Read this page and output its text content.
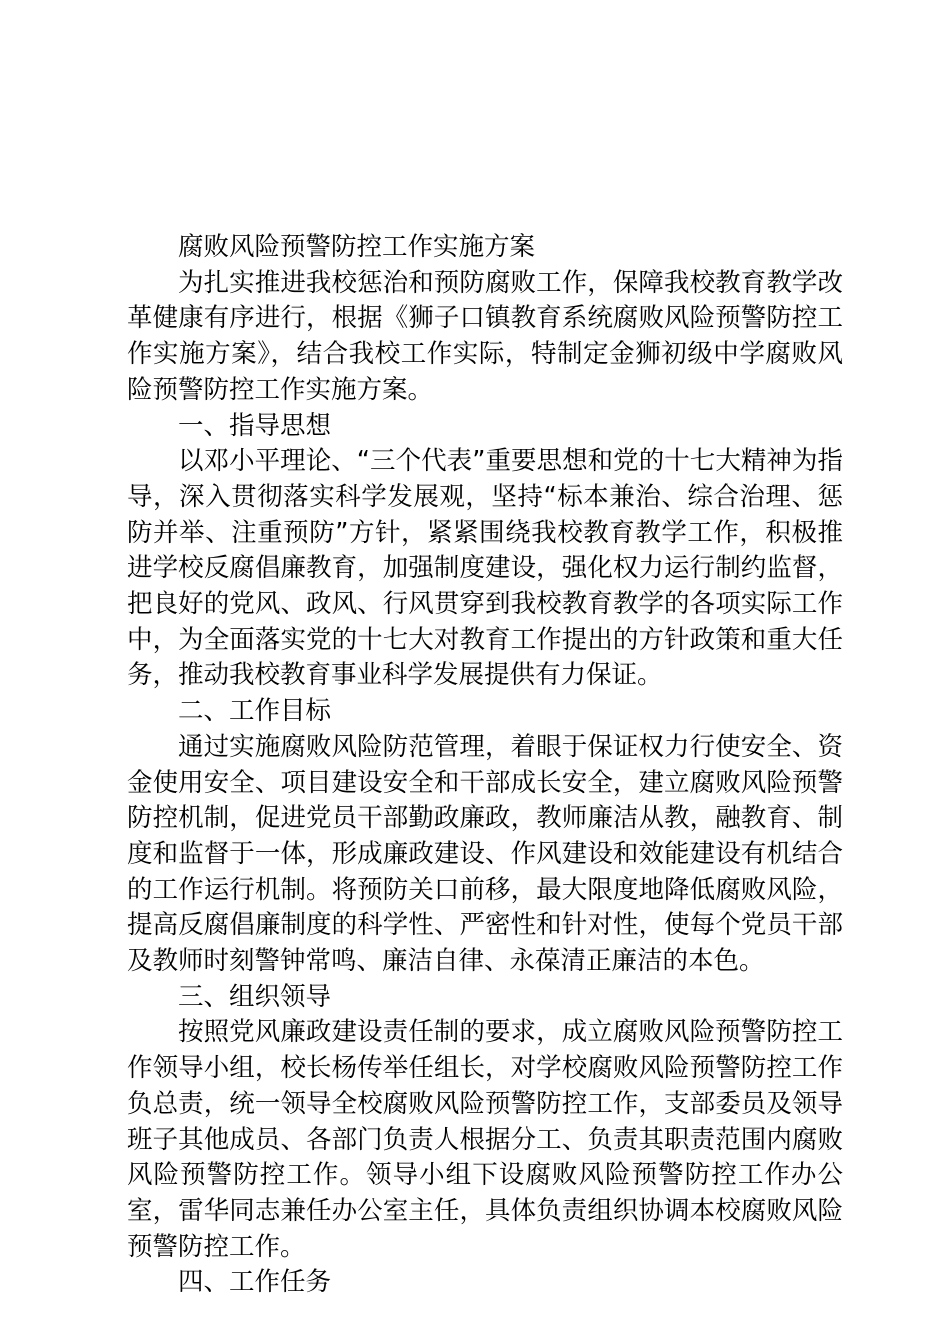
腐败风险预警防控工作实施方案

为扎实推进我校惩治和预防腐败工作，保障我校教育教学改革健康有序进行，根据《狮子口镇教育系统腐败风险预警防控工作实施方案》，结合我校工作实际，特制定金狮初级中学腐败风险预警防控工作实施方案。

一、指导思想

以邓小平理论、“三个代表”重要思想和党的十七大精神为指导，深入贯彻落实科学发展观，坚持“标本兼治、综合治理、惩防并举、注重预防”方针，紧紧围绕我校教育教学工作，积极推进学校反腐倡廉教育，加强制度建设，强化权力运行制约监督，把良好的党风、政风、行风贯穿到我校教育教学的各项实际工作中，为全面落实党的十七大对教育工作提出的方针政策和重大任务，推动我校教育事业科学发展提供有力保证。

二、工作目标

通过实施腐败风险防范管理，着眼于保证权力行使安全、资金使用安全、项目建设安全和干部成长安全，建立腐败风险预警防控机制，促进党员干部勤政廉政，教师廉洁从教，融教育、制度和监督于一体，形成廉政建设、作风建设和效能建设有机结合的工作运行机制。将预防关口前移，最大限度地降低腐败风险，提高反腐倡廉制度的科学性、严密性和针对性，使每个党员干部及教师时刻警钟常鸣、廉洁自律、永葆清正廉洁的本色。

三、组织领导

按照党风廉政建设责任制的要求，成立腐败风险预警防控工作领导小组，校长杨传举任组长，对学校腐败风险预警防控工作负总责，统一领导全校腐败风险预警防控工作，支部委员及领导班子其他成员、各部门负责人根据分工、负责其职责范围内腐败风险预警防控工作。领导小组下设腐败风险预警防控工作办公室，雷华同志兼任办公室主任，具体负责组织协调本校腐败风险预警防控工作。

四、工作任务
